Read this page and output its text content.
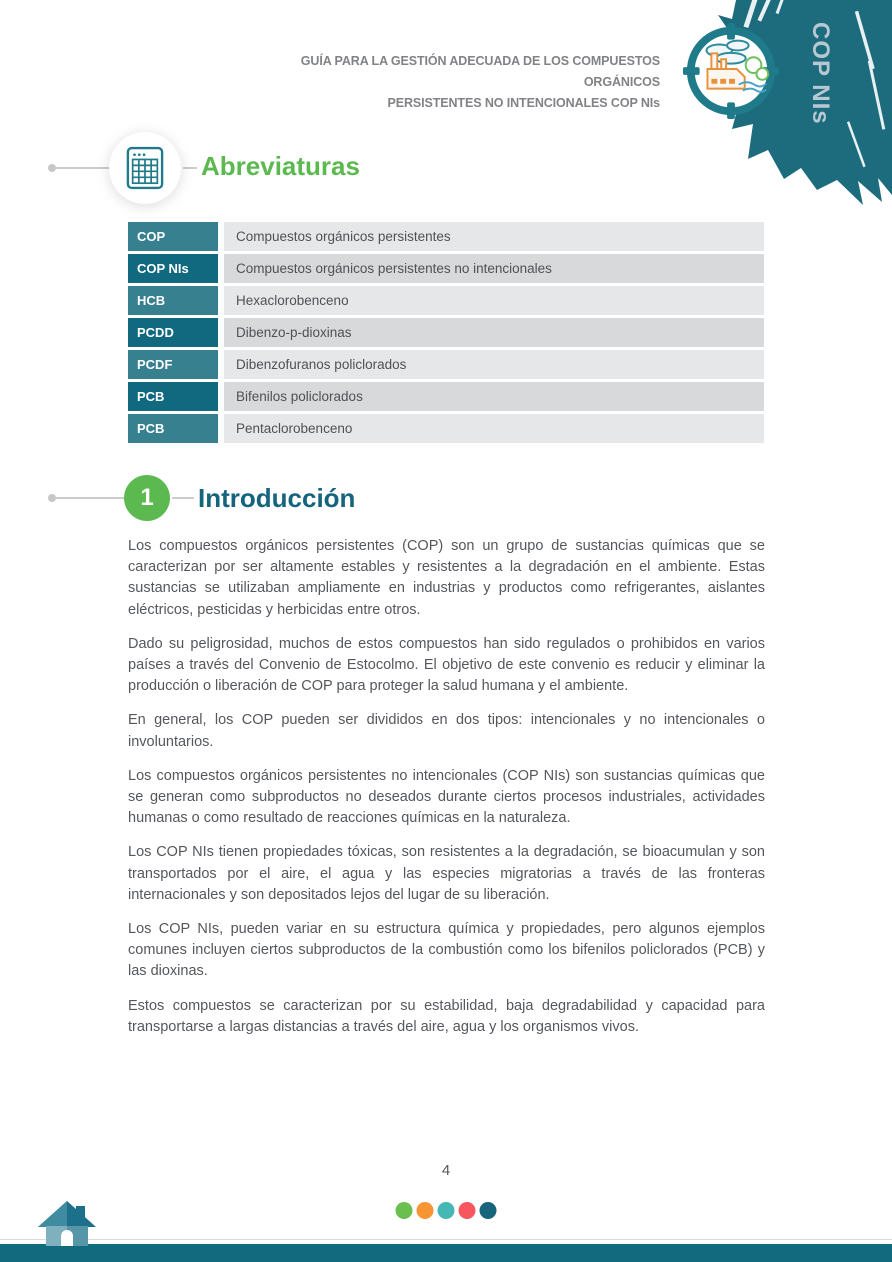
COP NIs
GUÍA PARA LA GESTIÓN ADECUADA DE LOS COMPUESTOS ORGÁNICOS
PERSISTENTES NO INTENCIONALES COP NIs
Abreviaturas
COP	Compuestos orgánicos persistentes
COP NIs	Compuestos orgánicos persistentes no intencionales
HCB	Hexaclorobenceno
PCDD	Dibenzo-p-dioxinas
PCDF	Dibenzofuranos policlorados
PCB	Bifenilos policlorados
PCB	Pentaclorobenceno
1	Introducción

Los compuestos orgánicos persistentes (COP) son un grupo de sustancias químicas que se caracterizan por ser altamente estables y resistentes a la degradación en el ambiente. Estas sustancias se utilizaban ampliamente en industrias y productos como refrigerantes, aislantes eléctricos, pesticidas y herbicidas entre otros.

Dado su peligrosidad, muchos de estos compuestos han sido regulados o prohibidos en varios países a través del Convenio de Estocolmo. El objetivo de este convenio es reducir y eliminar la producción o liberación de COP para proteger la salud humana y el ambiente.

En general, los COP pueden ser divididos en dos tipos: intencionales y no intencionales o involuntarios.

Los compuestos orgánicos persistentes no intencionales (COP NIs) son sustancias químicas que se generan como subproductos no deseados durante ciertos procesos industriales, actividades humanas o como resultado de reacciones químicas en la naturaleza.

Los COP NIs tienen propiedades tóxicas, son resistentes a la degradación, se bioacumulan y son transportados por el aire, el agua y las especies migratorias a través de las fronteras internacionales y son depositados lejos del lugar de su liberación.

Los COP NIs, pueden variar en su estructura química y propiedades, pero algunos ejemplos comunes incluyen ciertos subproductos de la combustión como los bifenilos policlorados (PCB) y las dioxinas.

Estos compuestos se caracterizan por su estabilidad, baja degradabilidad y capacidad para transportarse a largas distancias a través del aire, agua y los organismos vivos.

4
